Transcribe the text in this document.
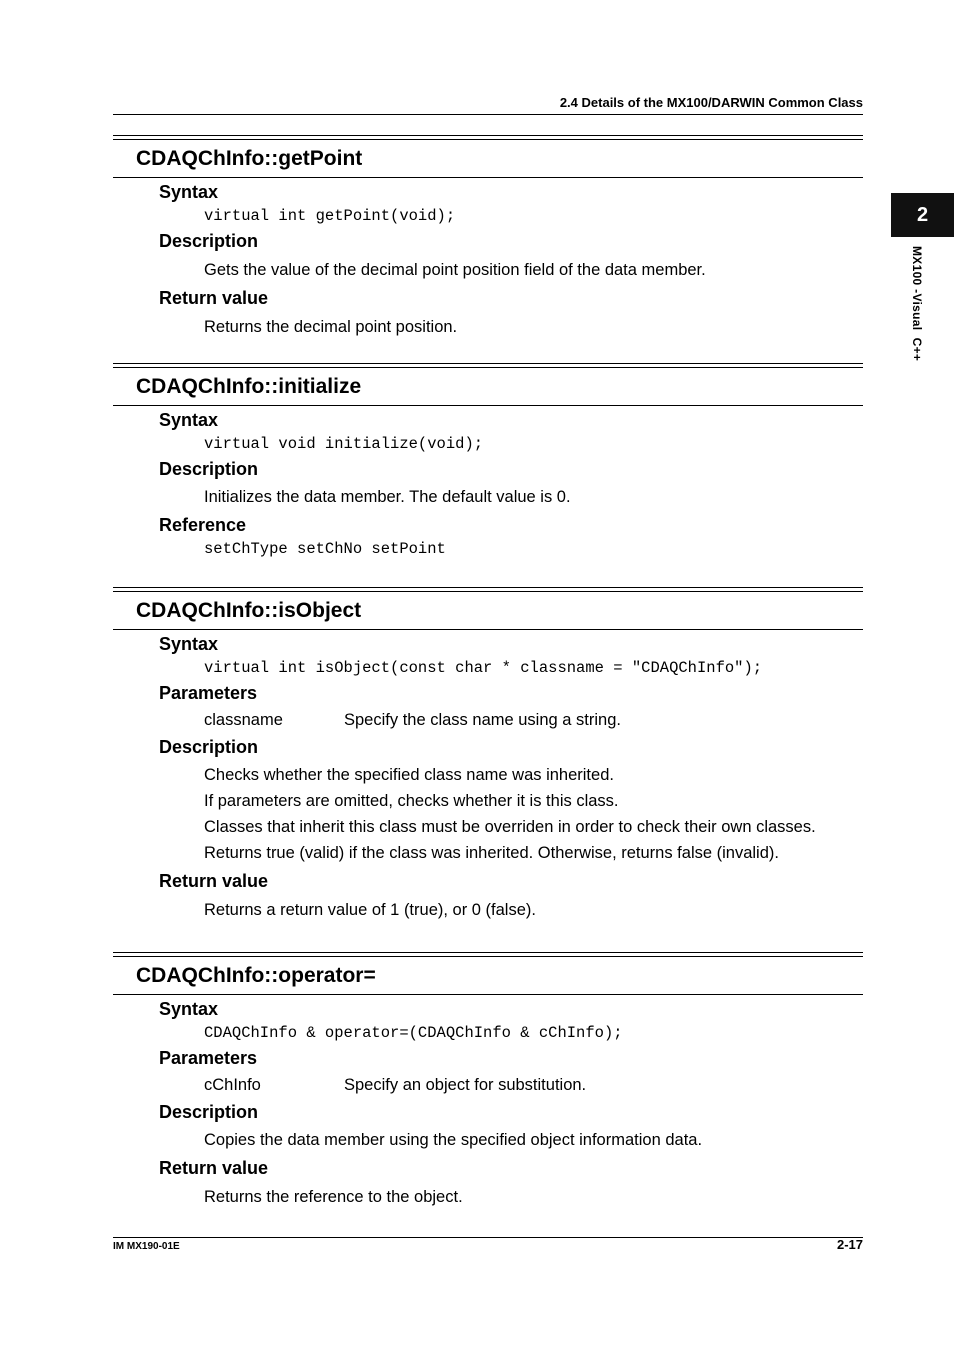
2.4 Details of the MX100/DARWIN Common Class
2
MX100 -Visual  C++
CDAQChInfo::getPoint
Syntax
virtual int getPoint(void);
Description
Gets the value of the decimal point position field of the data member.
Return value
Returns the decimal point position.
CDAQChInfo::initialize
Syntax
virtual void initialize(void);
Description
Initializes the data member. The default value is 0.
Reference
setChType setChNo setPoint
CDAQChInfo::isObject
Syntax
virtual int isObject(const char * classname = "CDAQChInfo");
Parameters
classname	Specify the class name using a string.
Description
Checks whether the specified class name was inherited.
If parameters are omitted, checks whether it is this class.
Classes that inherit this class must be overriden in order to check their own classes.
Returns true (valid) if the class was inherited. Otherwise, returns false (invalid).
Return value
Returns a return value of 1 (true), or 0 (false).
CDAQChInfo::operator=
Syntax
CDAQChInfo & operator=(CDAQChInfo & cChInfo);
Parameters
cChInfo	Specify an object for substitution.
Description
Copies the data member using the specified object information data.
Return value
Returns the reference to the object.
IM MX190-01E	2-17
